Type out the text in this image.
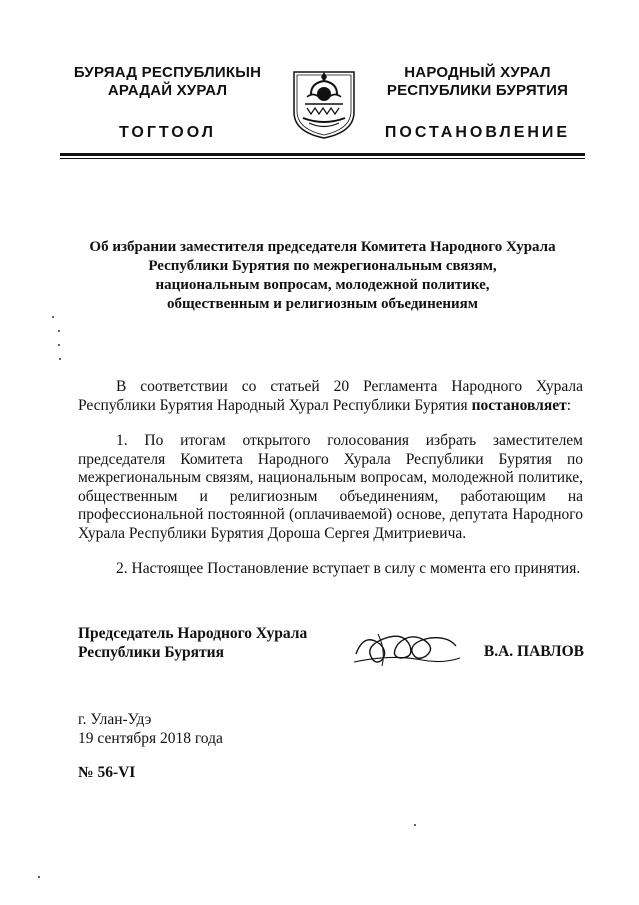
БУРЯАД РЕСПУБЛИКЫН
АРАДАЙ ХУРАЛ
ТОГТООЛ
НАРОДНЫЙ ХУРАЛ
РЕСПУБЛИКИ БУРЯТИЯ
ПОСТАНОВЛЕНИЕ
Об избрании заместителя председателя Комитета Народного Хурала
Республики Бурятия по межрегиональным связям,
национальным вопросам, молодежной политике,
общественным и религиозным объединениям

В соответствии со статьей 20 Регламента Народного Хурала Республики Бурятия Народный Хурал Республики Бурятия постановляет:

1. По итогам открытого голосования избрать заместителем председателя Комитета Народного Хурала Республики Бурятия по межрегиональным связям, национальным вопросам, молодежной политике, общественным и религиозным объединениям, работающим на профессиональной постоянной (оплачиваемой) основе, депутата Народного Хурала Республики Бурятия Дороша Сергея Дмитриевича.

2. Настоящее Постановление вступает в силу с момента его принятия.

Председатель Народного Хурала
Республики Бурятия	В.А. ПАВЛОВ
г. Улан-Удэ
19 сентября 2018 года
№ 56-VI
